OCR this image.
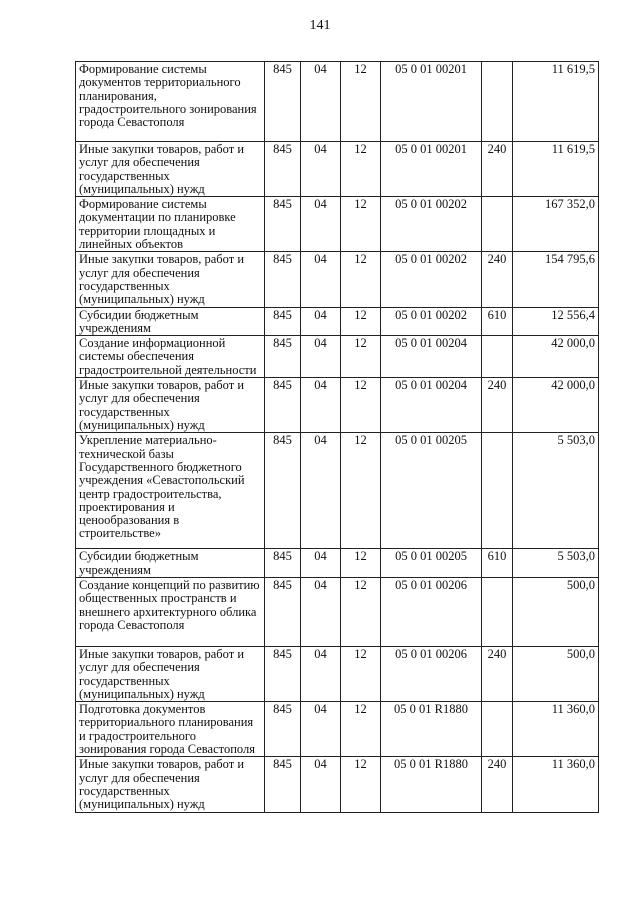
141
Формирование системы документов территориального планирования, градостроительного зонирования города Севастополя	845	04	12	05 0 01 00201		11 619,5
Иные закупки товаров, работ и услуг для обеспечения государственных (муниципальных) нужд	845	04	12	05 0 01 00201	240	11 619,5
Формирование системы документации по планировке территории площадных и линейных объектов	845	04	12	05 0 01 00202		167 352,0
Иные закупки товаров, работ и услуг для обеспечения государственных (муниципальных) нужд	845	04	12	05 0 01 00202	240	154 795,6
Субсидии бюджетным учреждениям	845	04	12	05 0 01 00202	610	12 556,4
Создание информационной системы обеспечения градостроительной деятельности	845	04	12	05 0 01 00204		42 000,0
Иные закупки товаров, работ и услуг для обеспечения государственных (муниципальных) нужд	845	04	12	05 0 01 00204	240	42 000,0
Укрепление материально-технической базы Государственного бюджетного учреждения «Севастопольский центр градостроительства, проектирования и ценообразования в строительстве»	845	04	12	05 0 01 00205		5 503,0
Субсидии бюджетным учреждениям	845	04	12	05 0 01 00205	610	5 503,0
Создание концепций по развитию общественных пространств и внешнего архитектурного облика города Севастополя	845	04	12	05 0 01 00206		500,0
Иные закупки товаров, работ и услуг для обеспечения государственных (муниципальных) нужд	845	04	12	05 0 01 00206	240	500,0
Подготовка документов территориального планирования и градостроительного зонирования города Севастополя	845	04	12	05 0 01 R1880		11 360,0
Иные закупки товаров, работ и услуг для обеспечения государственных (муниципальных) нужд	845	04	12	05 0 01 R1880	240	11 360,0
